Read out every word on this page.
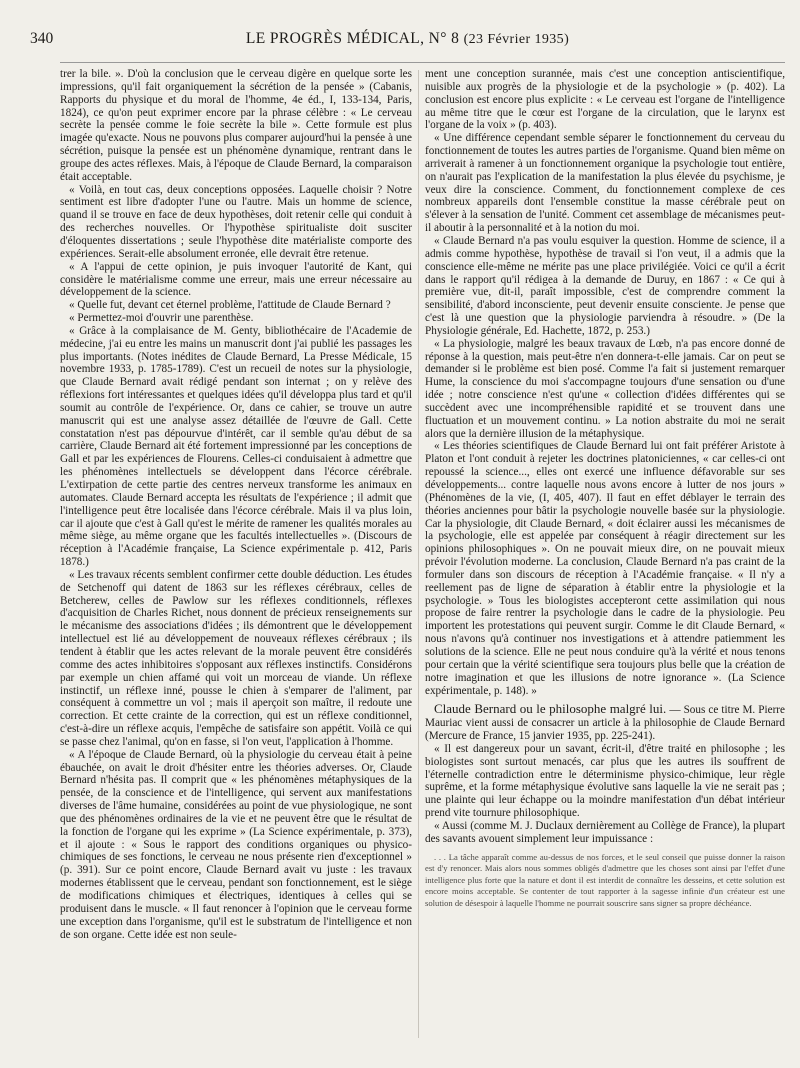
340	LE PROGRÈS MÉDICAL, N° 8 (23 Février 1935)

trer la bile. ». D'où la conclusion que le cerveau digère en quelque sorte les impressions, qu'il fait organiquement la sécrétion de la pensée » (Cabanis, Rapports du physique et du moral de l'homme, 4e éd., I, 133-134, Paris, 1824), ce qu'on peut exprimer encore par la phrase célèbre : « Le cerveau secrète la pensée comme le foie secrète la bile ». Cette formule est plus imagée qu'exacte. Nous ne pouvons plus comparer aujourd'hui la pensée à une sécrétion, puisque la pensée est un phénomène dynamique, rentrant dans le groupe des actes réflexes. Mais, à l'époque de Claude Bernard, la comparaison était acceptable.

« Voilà, en tout cas, deux conceptions opposées. Laquelle choisir ? Notre sentiment est libre d'adopter l'une ou l'autre. Mais un homme de science, quand il se trouve en face de deux hypothèses, doit retenir celle qui conduit à des recherches nouvelles. Or l'hypothèse spiritualiste doit susciter d'éloquentes dissertations ; seule l'hypothèse dite matérialiste comporte des expériences. Serait-elle absolument erronée, elle devrait être retenue.

« A l'appui de cette opinion, je puis invoquer l'autorité de Kant, qui considère le matérialisme comme une erreur, mais une erreur nécessaire au développement de la science.

« Quelle fut, devant cet éternel problème, l'attitude de Claude Bernard ?

« Permettez-moi d'ouvrir une parenthèse.

« Grâce à la complaisance de M. Genty, bibliothécaire de l'Academie de médecine, j'ai eu entre les mains un manuscrit dont j'ai publié les passages les plus importants. (Notes inédites de Claude Bernard, La Presse Médicale, 15 novembre 1933, p. 1785-1789). C'est un recueil de notes sur la physiologie, que Claude Bernard avait rédigé pendant son internat ; on y relève des réflexions fort intéressantes et quelques idées qu'il développa plus tard et qu'il soumit au contrôle de l'expérience. Or, dans ce cahier, se trouve un autre manuscrit qui est une analyse assez détaillée de l'œuvre de Gall. Cette constatation n'est pas dépourvue d'intérêt, car il semble qu'au début de sa carrière, Claude Bernard ait été fortement impressionné par les conceptions de Gall et par les expériences de Flourens. Celles-ci conduisaient à admettre que les phénomènes intellectuels se développent dans l'écorce cérébrale. L'extirpation de cette partie des centres nerveux transforme les animaux en automates. Claude Bernard accepta les résultats de l'expérience ; il admit que l'intelligence peut être localisée dans l'écorce cérébrale. Mais il va plus loin, car il ajoute que c'est à Gall qu'est le mérite de ramener les qualités morales au même siège, au même organe que les facultés intellectuelles ». (Discours de réception à l'Académie française, La Science expérimentale p. 412, Paris 1878.)

« Les travaux récents semblent confirmer cette double déduction. Les études de Setchenoff qui datent de 1863 sur les réflexes cérébraux, celles de Betcherew, celles de Pawlow sur les réflexes conditionnels, réflexes d'acquisition de Charles Richet, nous donnent de précieux renseignements sur le mécanisme des associations d'idées ; ils démontrent que le développement intellectuel est lié au développement de nouveaux réflexes cérébraux ; ils tendent à établir que les actes relevant de la morale peuvent être considérés comme des actes inhibitoires s'opposant aux réflexes instinctifs. Considérons par exemple un chien affamé qui voit un morceau de viande. Un réflexe instinctif, un réflexe inné, pousse le chien à s'emparer de l'aliment, par conséquent à commettre un vol ; mais il aperçoit son maître, il redoute une correction. Et cette crainte de la correction, qui est un réflexe conditionnel, c'est-à-dire un réflexe acquis, l'empêche de satisfaire son appétit. Voilà ce qui se passe chez l'animal, qu'on en fasse, si l'on veut, l'application à l'homme.

« A l'époque de Claude Bernard, où la physiologie du cerveau était à peine ébauchée, on avait le droit d'hésiter entre les théories adverses. Or, Claude Bernard n'hésita pas. Il comprit que « les phénomènes métaphysiques de la pensée, de la conscience et de l'intelligence, qui servent aux manifestations diverses de l'âme humaine, considérées au point de vue physiologique, ne sont que des phénomènes ordinaires de la vie et ne peuvent être que le résultat de la fonction de l'organe qui les exprime » (La Science expérimentale, p. 373), et il ajoute : « Sous le rapport des conditions organiques ou physico-chimiques de ses fonctions, le cerveau ne nous présente rien d'exceptionnel » (p. 391). Sur ce point encore, Claude Bernard avait vu juste : les travaux modernes établissent que le cerveau, pendant son fonctionnement, est le siège de modifications chimiques et électriques, identiques à celles qui se produisent dans le muscle. « Il faut renoncer à l'opinion que le cerveau forme une exception dans l'organisme, qu'il est le substratum de l'intelligence et non de son organe. Cette idée est non seule-

ment une conception surannée, mais c'est une conception antiscientifique, nuisible aux progrès de la physiologie et de la psychologie » (p. 402). La conclusion est encore plus explicite : « Le cerveau est l'organe de l'intelligence au même titre que le cœur est l'organe de la circulation, que le larynx est l'organe de la voix » (p. 403).

« Une différence cependant semble séparer le fonctionnement du cerveau du fonctionnement de toutes les autres parties de l'organisme. Quand bien même on arriverait à ramener à un fonctionnement organique la psychologie tout entière, on n'aurait pas l'explication de la manifestation la plus élevée du psychisme, je veux dire la conscience. Comment, du fonctionnement complexe de ces nombreux appareils dont l'ensemble constitue la masse cérébrale peut on s'élever à la sensation de l'unité. Comment cet assemblage de mécanismes peut-il aboutir à la personnalité et à la notion du moi.

« Claude Bernard n'a pas voulu esquiver la question. Homme de science, il a admis comme hypothèse, hypothèse de travail si l'on veut, il a admis que la conscience elle-même ne mérite pas une place privilégiée. Voici ce qu'il a écrit dans le rapport qu'il rédigea à la demande de Duruy, en 1867 : « Ce qui à première vue, dit-il, paraît impossible, c'est de comprendre comment la sensibilité, d'abord inconsciente, peut devenir ensuite consciente. Je pense que c'est là une question que la physiologie parviendra à résoudre. » (De la Physiologie générale, Ed. Hachette, 1872, p. 253.)

« La physiologie, malgré les beaux travaux de Lœb, n'a pas encore donné de réponse à la question, mais peut-être n'en donnera-t-elle jamais. Car on peut se demander si le problème est bien posé. Comme l'a fait si justement remarquer Hume, la conscience du moi s'accompagne toujours d'une sensation ou d'une idée ; notre conscience n'est qu'une « collection d'idées différentes qui se succèdent avec une incompréhensible rapidité et se trouvent dans une fluctuation et un mouvement continu. » La notion abstraite du moi ne serait alors que la dernière illusion de la métaphysique.

« Les théories scientifiques de Claude Bernard lui ont fait préférer Aristote à Platon et l'ont conduit à rejeter les doctrines platoniciennes, « car celles-ci ont repoussé la science..., elles ont exercé une influence défavorable sur ses développements... contre laquelle nous avons encore à lutter de nos jours » (Phénomènes de la vie, (I, 405, 407). Il faut en effet déblayer le terrain des théories anciennes pour bâtir la psychologie nouvelle basée sur la physiologie. Car la physiologie, dit Claude Bernard, « doit éclairer aussi les mécanismes de la psychologie, elle est appelée par conséquent à réagir directement sur les opinions philosophiques ». On ne pouvait mieux dire, on ne pouvait mieux prévoir l'évolution moderne. La conclusion, Claude Bernard n'a pas craint de la formuler dans son discours de réception à l'Académie française. « Il n'y a reellement pas de ligne de séparation à établir entre la physiologie et la psychologie. » Tous les biologistes accepteront cette assimilation qui nous propose de faire rentrer la psychologie dans le cadre de la physiologie. Peu importent les protestations qui peuvent surgir. Comme le dit Claude Bernard, « nous n'avons qu'à continuer nos investigations et à attendre patiemment les solutions de la science. Elle ne peut nous conduire qu'à la vérité et nous tenons pour certain que la vérité scientifique sera toujours plus belle que la création de notre imagination et que les illusions de notre ignorance ». (La Science expérimentale, p. 148). »

Claude Bernard ou le philosophe malgré lui. — Sous ce titre M. Pierre Mauriac vient aussi de consacrer un article à la philosophie de Claude Bernard (Mercure de France, 15 janvier 1935, pp. 225-241).

« Il est dangereux pour un savant, écrit-il, d'être traité en philosophe ; les biologistes sont surtout menacés, car plus que les autres ils souffrent de l'éternelle contradiction entre le déterminisme physico-chimique, leur règle suprême, et la forme métaphysique évolutive sans laquelle la vie ne serait pas ; une plainte qui leur échappe ou la moindre manifestation d'un débat intérieur prend vite tournure philosophique.

« Aussi (comme M. J. Duclaux dernièrement au Collège de France), la plupart des savants avouent simplement leur impuissance :

. . . La tâche apparaît comme au-dessus de nos forces, et le seul conseil que puisse donner la raison est d'y renoncer. Mais alors nous sommes obligés d'admettre que les choses sont ainsi par l'effet d'une intelligence plus forte que la nature et dont il est interdit de connaître les desseins, et cette solution est encore moins acceptable. Se contenter de tout rapporter à la sagesse infinie d'un créateur est une solution de désespoir à laquelle l'homme ne pourrait souscrire sans signer sa propre déchéance.
